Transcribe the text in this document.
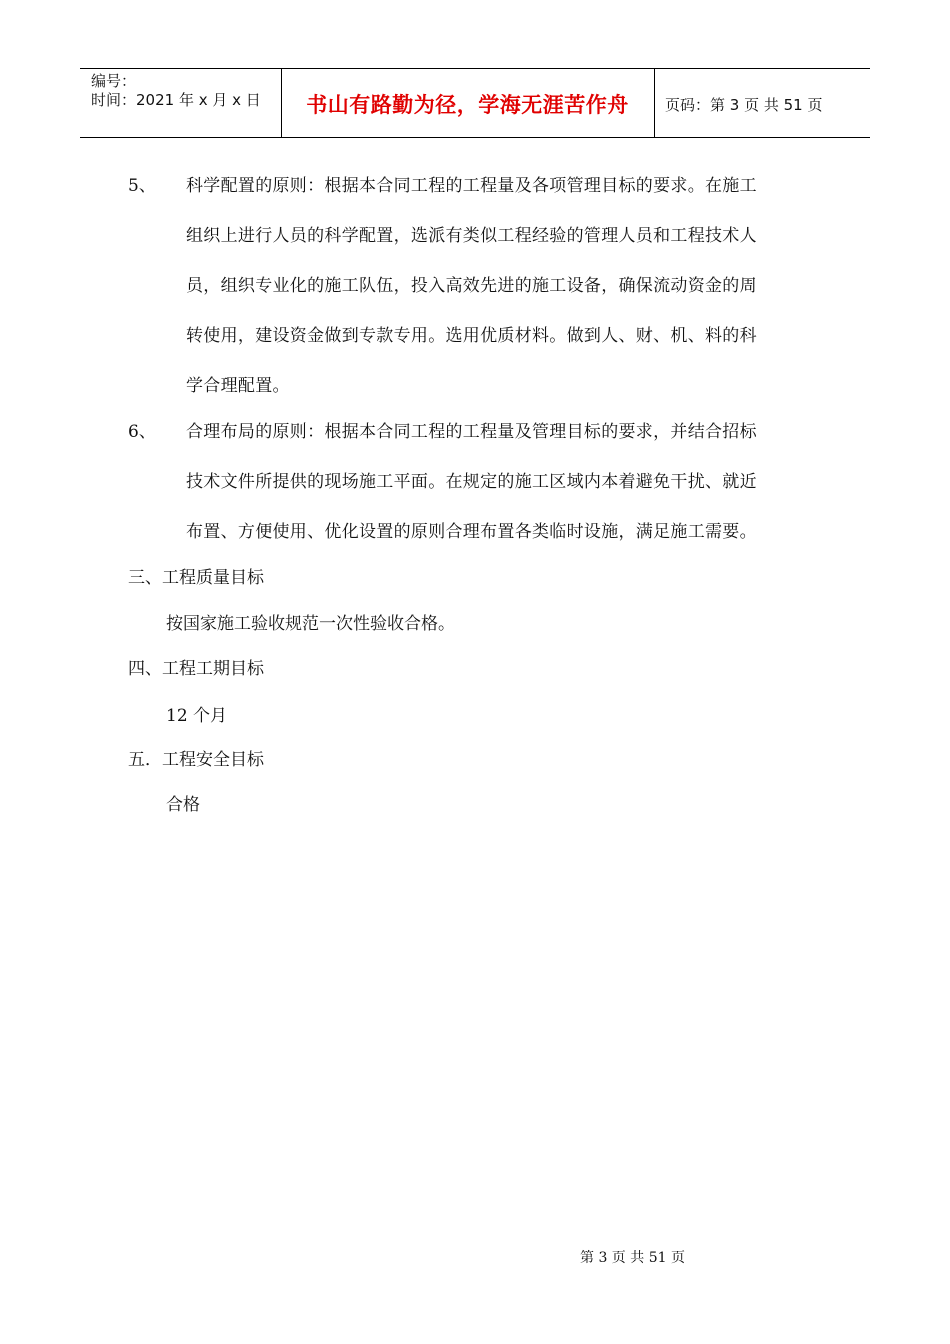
编号：
时间：2021 年 x 月 x 日	书山有路勤为径，学海无涯苦作舟	页码：第 3 页 共 51 页
5、 科学配置的原则：根据本合同工程的工程量及各项管理目标的要求。在施工
组织上进行人员的科学配置，选派有类似工程经验的管理人员和工程技术人
员，组织专业化的施工队伍，投入高效先进的施工设备，确保流动资金的周
转使用，建设资金做到专款专用。选用优质材料。做到人、财、机、料的科
学合理配置。
6、 合理布局的原则：根据本合同工程的工程量及管理目标的要求，并结合招标
技术文件所提供的现场施工平面。在规定的施工区域内本着避免干扰、就近
布置、方便使用、优化设置的原则合理布置各类临时设施，满足施工需要。
三、工程质量目标
按国家施工验收规范一次性验收合格。
四、工程工期目标
12 个月
五．工程安全目标
合格
第 3 页 共 51 页
